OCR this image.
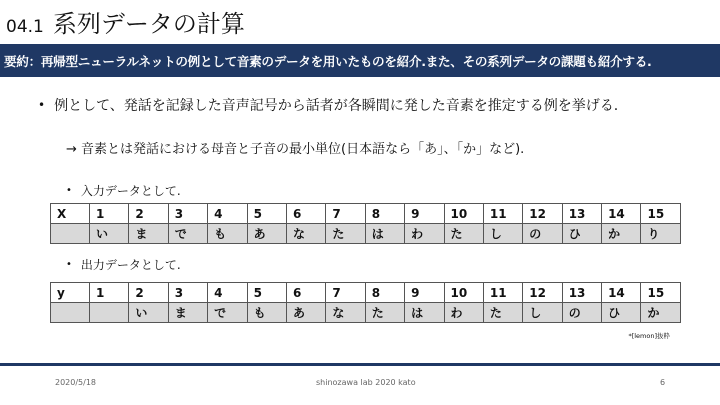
04.1 系列データの計算
要約：再帰型ニューラルネットの例として音素のデータを用いたものを紹介.また、その系列データの課題も紹介する.
• 例として、発話を記録した音声記号から話者が各瞬間に発した音素を推定する例を挙げる.
→ 音素とは発話における母音と子音の最小単位(日本語なら「あ」、「か」など).
• 入力データとして.
X	1	2	3	4	5	6	7	8	9	10	11	12	13	14	15
	い	ま	で	も	あ	な	た	は	わ	た	し	の	ひ	か	り
• 出力データとして.
y	1	2	3	4	5	6	7	8	9	10	11	12	13	14	15
		い	ま	で	も	あ	な	た	は	わ	た	し	の	ひ	か
*[lemon]抜粋
2020/5/18	shinozawa lab 2020 kato	6
